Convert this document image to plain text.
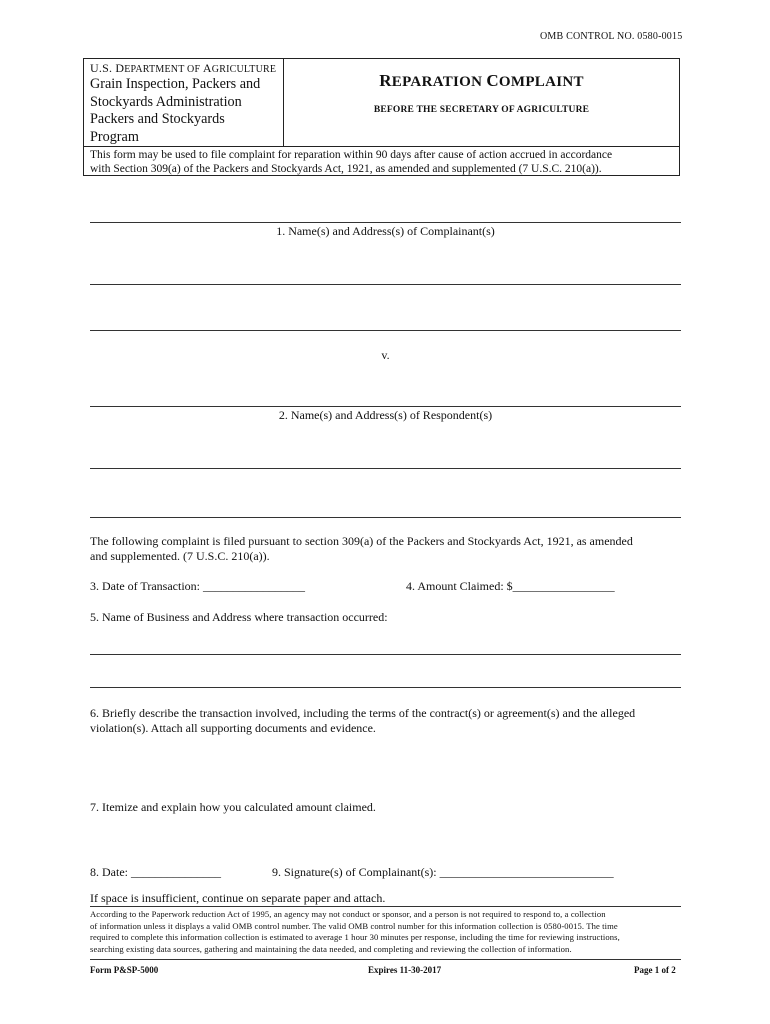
OMB CONTROL NO. 0580-0015
U.S. DEPARTMENT OF AGRICULTURE
Grain Inspection, Packers and
Stockyards Administration
Packers and Stockyards
Program
REPARATION COMPLAINT
BEFORE THE SECRETARY OF AGRICULTURE
This form may be used to file complaint for reparation within 90 days after cause of action accrued in accordance
with Section 309(a) of the Packers and Stockyards Act, 1921, as amended and supplemented (7 U.S.C. 210(a)).
1. Name(s) and Address(s) of Complainant(s)
v.
2. Name(s) and Address(s) of Respondent(s)
The following complaint is filed pursuant to section 309(a) of the Packers and Stockyards Act, 1921, as amended
and supplemented. (7 U.S.C. 210(a)).
3. Date of Transaction: _________________	4. Amount Claimed: $_________________
5. Name of Business and Address where transaction occurred:
6. Briefly describe the transaction involved, including the terms of the contract(s) or agreement(s) and the alleged
violation(s). Attach all supporting documents and evidence.
7. Itemize and explain how you calculated amount claimed.
8. Date: _______________	9. Signature(s) of Complainant(s): _____________________________
If space is insufficient, continue on separate paper and attach.
According to the Paperwork reduction Act of 1995, an agency may not conduct or sponsor, and a person is not required to respond to, a collection
of information unless it displays a valid OMB control number. The valid OMB control number for this information collection is 0580-0015. The time
required to complete this information collection is estimated to average 1 hour 30 minutes per response, including the time for reviewing instructions,
searching existing data sources, gathering and maintaining the data needed, and completing and reviewing the collection of information.
Form P&SP-5000	Expires 11-30-2017	Page 1 of 2
